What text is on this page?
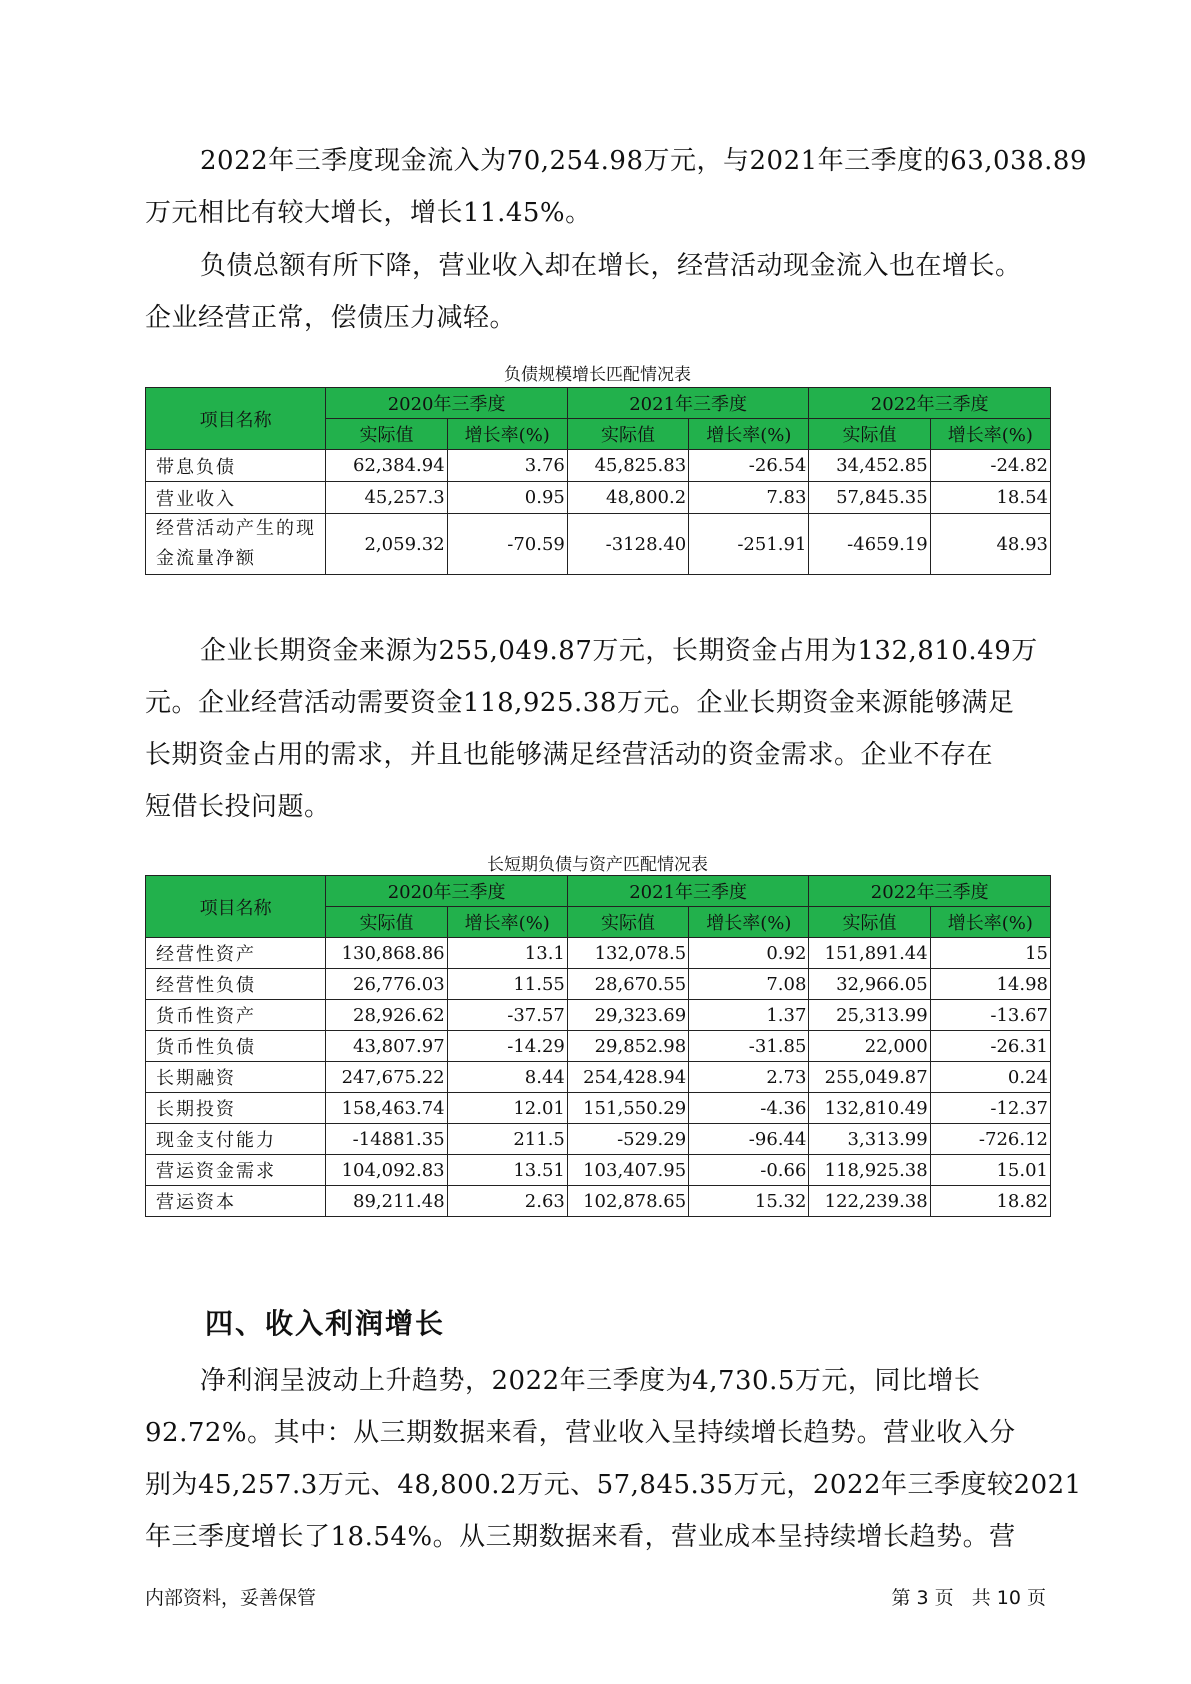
2022年三季度现金流入为70,254.98万元，与2021年三季度的63,038.89
万元相比有较大增长，增长11.45%。
负债总额有所下降，营业收入却在增长，经营活动现金流入也在增长。
企业经营正常，偿债压力减轻。
负债规模增长匹配情况表
项目名称	2020年三季度		2021年三季度		2022年三季度	
	实际值	增长率(%)	实际值	增长率(%)	实际值	增长率(%)
带息负债	62,384.94	3.76	45,825.83	-26.54	34,452.85	-24.82
营业收入	45,257.3	0.95	48,800.2	7.83	57,845.35	18.54
经营活动产生的现金流量净额	2,059.32	-70.59	-3128.40	-251.91	-4659.19	48.93
企业长期资金来源为255,049.87万元，长期资金占用为132,810.49万
元。企业经营活动需要资金118,925.38万元。企业长期资金来源能够满足
长期资金占用的需求，并且也能够满足经营活动的资金需求。企业不存在
短借长投问题。
长短期负债与资产匹配情况表
项目名称	2020年三季度		2021年三季度		2022年三季度	
	实际值	增长率(%)	实际值	增长率(%)	实际值	增长率(%)
经营性资产	130,868.86	13.1	132,078.5	0.92	151,891.44	15
经营性负债	26,776.03	11.55	28,670.55	7.08	32,966.05	14.98
货币性资产	28,926.62	-37.57	29,323.69	1.37	25,313.99	-13.67
货币性负债	43,807.97	-14.29	29,852.98	-31.85	22,000	-26.31
长期融资	247,675.22	8.44	254,428.94	2.73	255,049.87	0.24
长期投资	158,463.74	12.01	151,550.29	-4.36	132,810.49	-12.37
现金支付能力	-14881.35	211.5	-529.29	-96.44	3,313.99	-726.12
营运资金需求	104,092.83	13.51	103,407.95	-0.66	118,925.38	15.01
营运资本	89,211.48	2.63	102,878.65	15.32	122,239.38	18.82
四、收入利润增长
净利润呈波动上升趋势，2022年三季度为4,730.5万元，同比增长
92.72%。其中：从三期数据来看，营业收入呈持续增长趋势。营业收入分
别为45,257.3万元、48,800.2万元、57,845.35万元，2022年三季度较2021
年三季度增长了18.54%。从三期数据来看，营业成本呈持续增长趋势。营
内部资料，妥善保管	第 3 页   共 10 页
